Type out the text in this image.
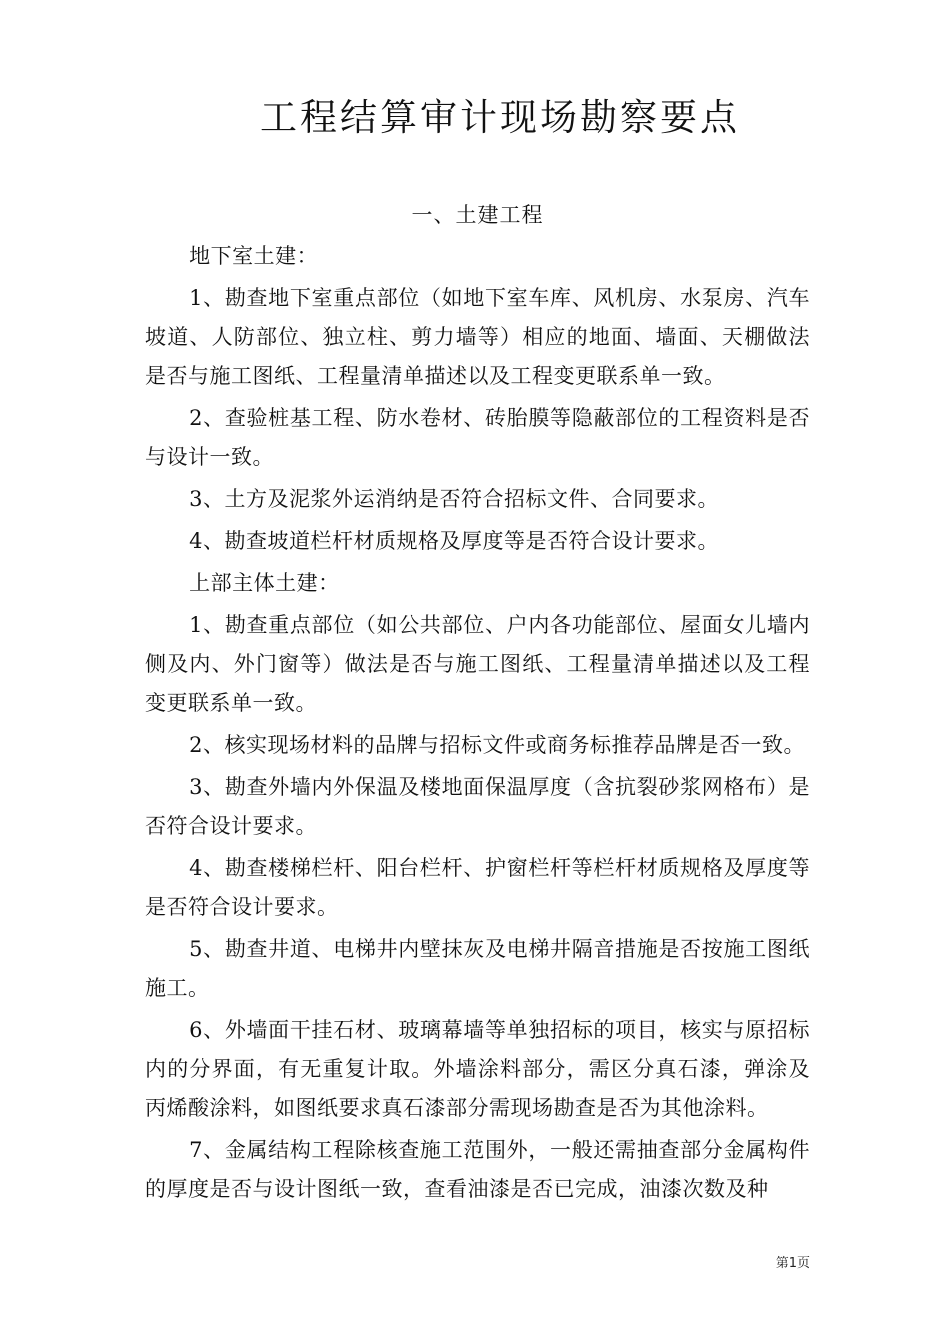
工程结算审计现场勘察要点
一、土建工程

地下室土建：

1、勘查地下室重点部位（如地下室车库、风机房、水泵房、汽车坡道、人防部位、独立柱、剪力墙等）相应的地面、墙面、天棚做法是否与施工图纸、工程量清单描述以及工程变更联系单一致。

2、查验桩基工程、防水卷材、砖胎膜等隐蔽部位的工程资料是否与设计一致。

3、土方及泥浆外运消纳是否符合招标文件、合同要求。

4、勘查坡道栏杆材质规格及厚度等是否符合设计要求。

上部主体土建：

1、勘查重点部位（如公共部位、户内各功能部位、屋面女儿墙内侧及内、外门窗等）做法是否与施工图纸、工程量清单描述以及工程变更联系单一致。

2、核实现场材料的品牌与招标文件或商务标推荐品牌是否一致。

3、勘查外墙内外保温及楼地面保温厚度（含抗裂砂浆网格布）是否符合设计要求。

4、勘查楼梯栏杆、阳台栏杆、护窗栏杆等栏杆材质规格及厚度等是否符合设计要求。

5、勘查井道、电梯井内壁抹灰及电梯井隔音措施是否按施工图纸施工。

6、外墙面干挂石材、玻璃幕墙等单独招标的项目，核实与原招标内的分界面，有无重复计取。外墙涂料部分，需区分真石漆，弹涂及丙烯酸涂料，如图纸要求真石漆部分需现场勘查是否为其他涂料。

7、金属结构工程除核查施工范围外，一般还需抽查部分金属构件的厚度是否与设计图纸一致，查看油漆是否已完成，油漆次数及种

第1页
